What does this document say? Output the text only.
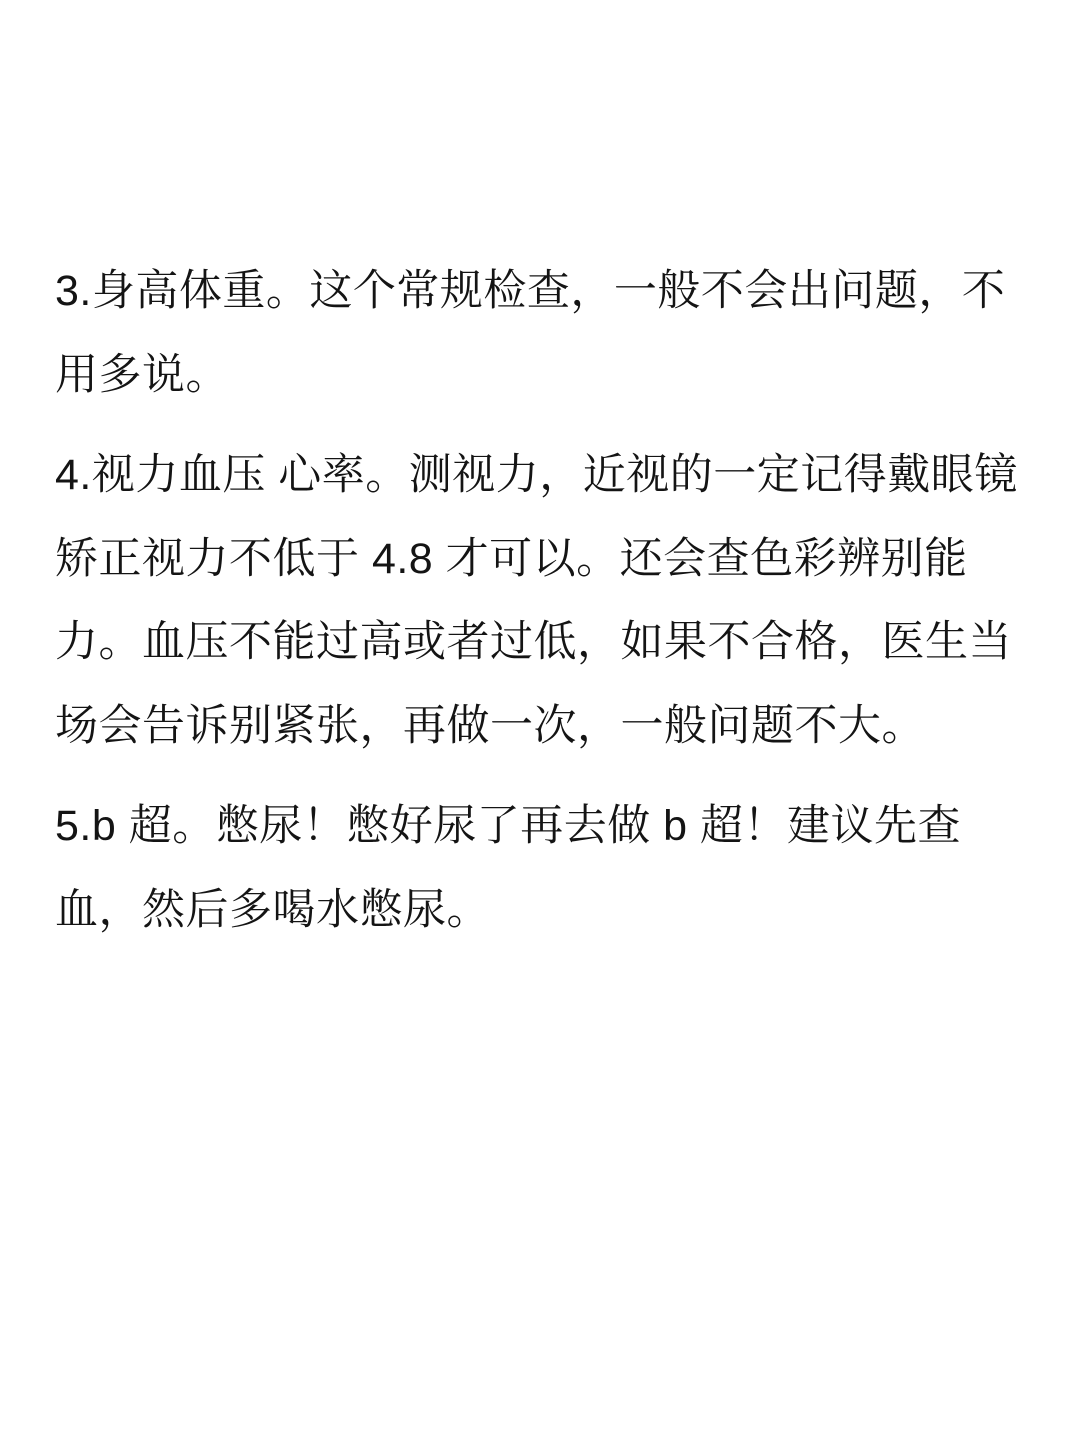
3.身高体重。这个常规检查，一般不会出问题，不用多说。

4.视力血压 心率。测视力，近视的一定记得戴眼镜矫正视力不低于 4.8 才可以。还会查色彩辨别能力。血压不能过高或者过低，如果不合格，医生当场会告诉别紧张，再做一次，一般问题不大。

5.b 超。憋尿！憋好尿了再去做 b 超！建议先查血，然后多喝水憋尿。
